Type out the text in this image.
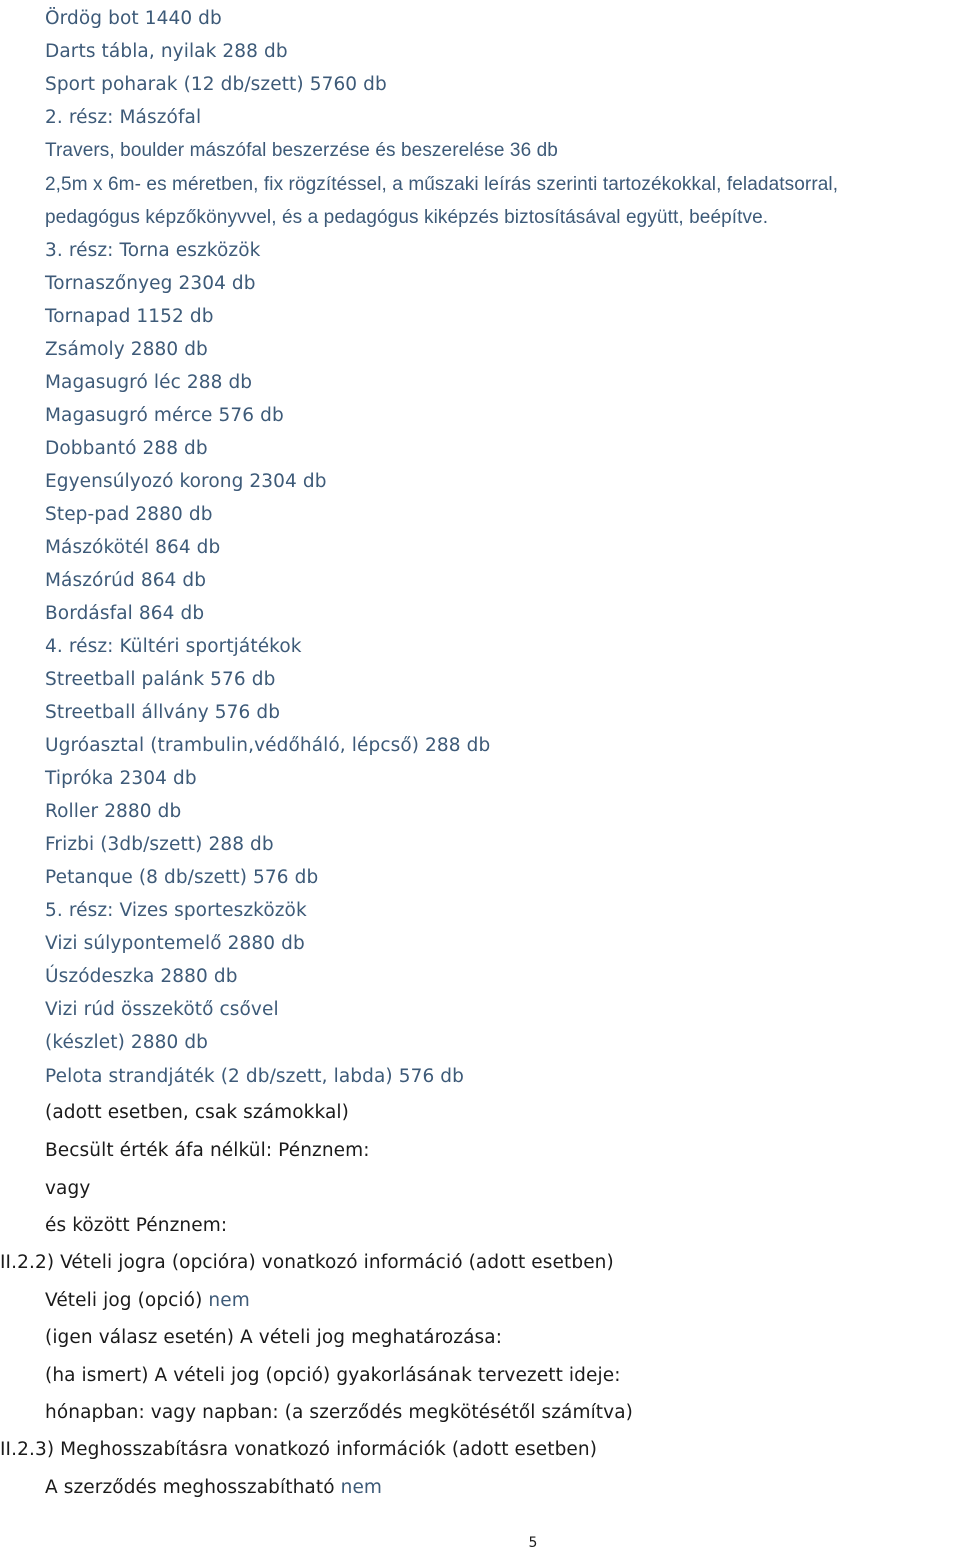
Ördög bot 1440 db
Darts tábla, nyilak 288 db
Sport poharak (12 db/szett) 5760 db
2. rész: Mászófal
Travers, boulder mászófal beszerzése és beszerelése 36 db
2,5m x 6m- es méretben, fix rögzítéssel, a műszaki leírás szerinti tartozékokkal, feladatsorral,
pedagógus képzőkönyvvel, és a pedagógus kiképzés biztosításával együtt, beépítve.
3. rész: Torna eszközök
Tornaszőnyeg 2304 db
Tornapad 1152 db
Zsámoly 2880 db
Magasugró léc 288 db
Magasugró mérce 576 db
Dobbantó 288 db
Egyensúlyozó korong 2304 db
Step-pad 2880 db
Mászókötél 864 db
Mászórúd 864 db
Bordásfal 864 db
4. rész: Kültéri sportjátékok
Streetball palánk 576 db
Streetball állvány 576 db
Ugróasztal (trambulin,védőháló, lépcső) 288 db
Tipróka 2304 db
Roller 2880 db
Frizbi (3db/szett) 288 db
Petanque (8 db/szett) 576 db
5. rész: Vizes sporteszközök
Vizi súlypontemelő 2880 db
Úszódeszka 2880 db
Vizi rúd összekötő csővel
(készlet) 2880 db
Pelota strandjáték (2 db/szett, labda) 576 db
(adott esetben, csak számokkal)
Becsült érték áfa nélkül: Pénznem:
vagy
és között Pénznem:
II.2.2) Vételi jogra (opcióra) vonatkozó információ (adott esetben)
Vételi jog (opció) nem
(igen válasz esetén) A vételi jog meghatározása:
(ha ismert) A vételi jog (opció) gyakorlásának tervezett ideje:
hónapban: vagy napban: (a szerződés megkötésétől számítva)
II.2.3) Meghosszabításra vonatkozó információk (adott esetben)
A szerződés meghosszabítható nem
5
